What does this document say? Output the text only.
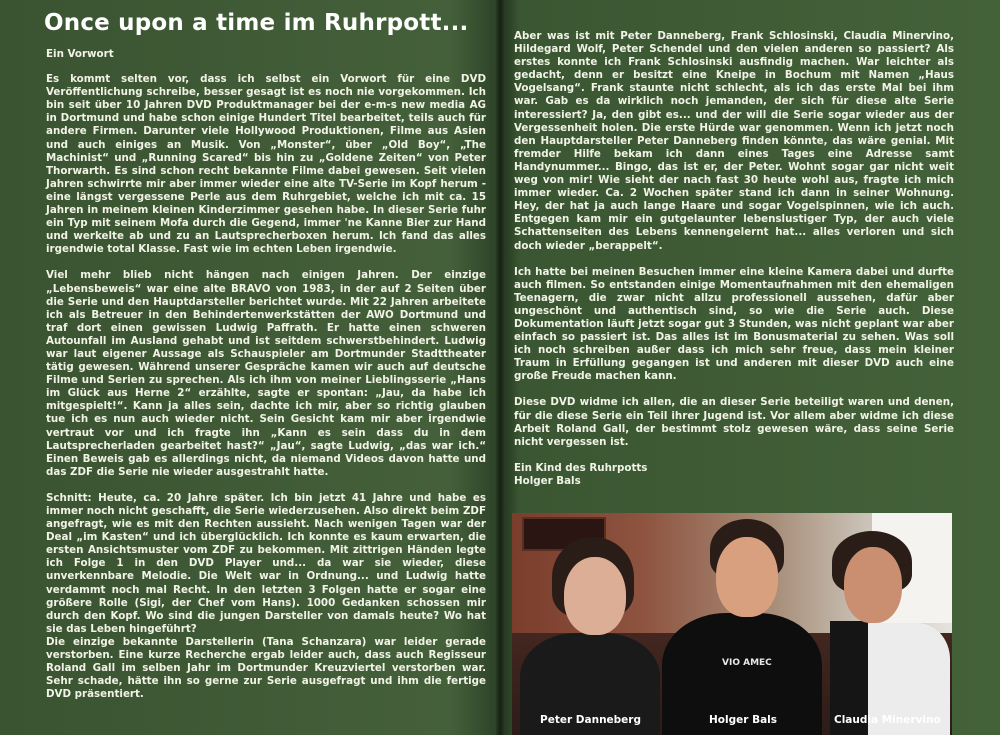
Once upon a time im Ruhrpott...

Ein Vorwort

Es kommt selten vor, dass ich selbst ein Vorwort für eine DVD Veröffentlichung schreibe, besser gesagt ist es noch nie vorgekommen. Ich bin seit über 10 Jahren DVD Produktmanager bei der e-m-s new media AG in Dortmund und habe schon einige Hundert Titel bearbeitet, teils auch für andere Firmen. Darunter viele Hollywood Produktionen, Filme aus Asien und auch einiges an Musik. Von „Monster“, über „Old Boy“, „The Machinist“ und „Running Scared“ bis hin zu „Goldene Zeiten“ von Peter Thorwarth. Es sind schon recht bekannte Filme dabei gewesen. Seit vielen Jahren schwirrte mir aber immer wieder eine alte TV-Serie im Kopf herum - eine längst vergessene Perle aus dem Ruhrgebiet, welche ich mit ca. 15 Jahren in meinem kleinen Kinderzimmer gesehen habe. In dieser Serie fuhr ein Typ mit seinem Mofa durch die Gegend, immer 'ne Kanne Bier zur Hand und werkelte ab und zu an Lautsprecherboxen herum. Ich fand das alles irgendwie total Klasse. Fast wie im echten Leben irgendwie.

Viel mehr blieb nicht hängen nach einigen Jahren. Der einzige „Lebensbeweis“ war eine alte BRAVO von 1983, in der auf 2 Seiten über die Serie und den Hauptdarsteller berichtet wurde. Mit 22 Jahren arbeitete ich als Betreuer in den Behindertenwerkstätten der AWO Dortmund und traf dort einen gewissen Ludwig Paffrath. Er hatte einen schweren Autounfall im Ausland gehabt und ist seitdem schwerstbehindert. Ludwig war laut eigener Aussage als Schauspieler am Dortmunder Stadttheater tätig gewesen. Während unserer Gespräche kamen wir auch auf deutsche Filme und Serien zu sprechen. Als ich ihm von meiner Lieblingsserie „Hans im Glück aus Herne 2“ erzählte, sagte er spontan: „Jau, da habe ich mitgespielt!“. Kann ja alles sein, dachte ich mir, aber so richtig glauben tue ich es nun auch wieder nicht. Sein Gesicht kam mir aber irgendwie vertraut vor und ich fragte ihn „Kann es sein dass du in dem Lautsprecherladen gearbeitet hast?“ „Jau“, sagte Ludwig, „das war ich.“ Einen Beweis gab es allerdings nicht, da niemand Videos davon hatte und das ZDF die Serie nie wieder ausgestrahlt hatte.

Schnitt: Heute, ca. 20 Jahre später. Ich bin jetzt 41 Jahre und habe es immer noch nicht geschafft, die Serie wiederzusehen. Also direkt beim ZDF angefragt, wie es mit den Rechten aussieht. Nach wenigen Tagen war der Deal „im Kasten“ und ich überglücklich. Ich konnte es kaum erwarten, die ersten Ansichtsmuster vom ZDF zu bekommen. Mit zittrigen Händen legte ich Folge 1 in den DVD Player und... da war sie wieder, diese unverkennbare Melodie. Die Welt war in Ordnung... und Ludwig hatte verdammt noch mal Recht. In den letzten 3 Folgen hatte er sogar eine größere Rolle (Sigi, der Chef vom Hans). 1000 Gedanken schossen mir durch den Kopf. Wo sind die jungen Darsteller von damals heute? Wo hat sie das Leben hingeführt?

Die einzige bekannte Darstellerin (Tana Schanzara) war leider gerade verstorben. Eine kurze Recherche ergab leider auch, dass auch Regisseur Roland Gall im selben Jahr im Dortmunder Kreuzviertel verstorben war. Sehr schade, hätte ihn so gerne zur Serie ausgefragt und ihm die fertige DVD präsentiert.

Aber was ist mit Peter Danneberg, Frank Schlosinski, Claudia Minervino, Hildegard Wolf, Peter Schendel und den vielen anderen so passiert? Als erstes konnte ich Frank Schlosinski ausfindig machen. War leichter als gedacht, denn er besitzt eine Kneipe in Bochum mit Namen „Haus Vogelsang“. Frank staunte nicht schlecht, als ich das erste Mal bei ihm war. Gab es da wirklich noch jemanden, der sich für diese alte Serie interessiert? Ja, den gibt es... und der will die Serie sogar wieder aus der Vergessenheit holen. Die erste Hürde war genommen. Wenn ich jetzt noch den Hauptdarsteller Peter Danneberg finden könnte, das wäre genial. Mit fremder Hilfe bekam ich dann eines Tages eine Adresse samt Handynummer... Bingo, das ist er, der Peter. Wohnt sogar gar nicht weit weg von mir! Wie sieht der nach fast 30 heute wohl aus, fragte ich mich immer wieder. Ca. 2 Wochen später stand ich dann in seiner Wohnung. Hey, der hat ja auch lange Haare und sogar Vogelspinnen, wie ich auch. Entgegen kam mir ein gutgelaunter lebenslustiger Typ, der auch viele Schattenseiten des Lebens kennengelernt hat... alles verloren und sich doch wieder „berappelt“.

Ich hatte bei meinen Besuchen immer eine kleine Kamera dabei und durfte auch filmen. So entstanden einige Momentaufnahmen mit den ehemaligen Teenagern, die zwar nicht allzu professionell aussehen, dafür aber ungeschönt und authentisch sind, so wie die Serie auch. Diese Dokumentation läuft jetzt sogar gut 3 Stunden, was nicht geplant war aber einfach so passiert ist. Das alles ist im Bonusmaterial zu sehen. Was soll ich noch schreiben außer dass ich mich sehr freue, dass mein kleiner Traum in Erfüllung gegangen ist und anderen mit dieser DVD auch eine große Freude machen kann.

Diese DVD widme ich allen, die an dieser Serie beteiligt waren und denen, für die diese Serie ein Teil ihrer Jugend ist. Vor allem aber widme ich diese Arbeit Roland Gall, der bestimmt stolz gewesen wäre, dass seine Serie nicht vergessen ist.

Ein Kind des Ruhrpotts

Holger Bals

VIO AMEC
Peter Danneberg	Holger Bals	Claudia Minervino
